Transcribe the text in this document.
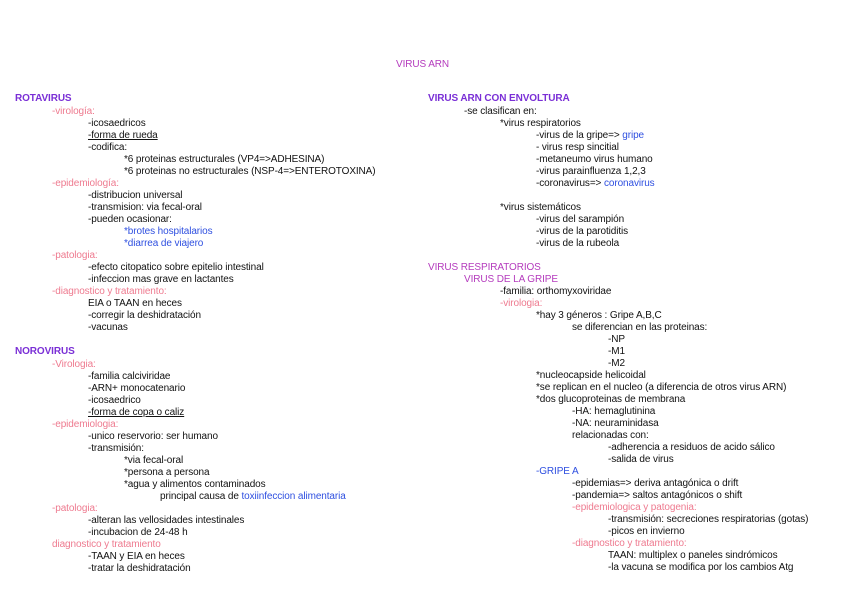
VIRUS ARN
ROTAVIRUS
-virología:
-icosaedricos
-forma de rueda
-codifica:
*6 proteinas estructurales (VP4=>ADHESINA)
*6 proteinas no estructurales (NSP-4=>ENTEROTOXINA)
-epidemiología:
-distribucion universal
-transmision: via fecal-oral
-pueden ocasionar:
*brotes hospitalarios
*diarrea de viajero
-patologia:
-efecto citopatico sobre epitelio intestinal
-infeccion mas grave en lactantes
-diagnostico y tratamiento:
EIA o TAAN en heces
-corregir la deshidratación
-vacunas
NOROVIRUS
-Virologia:
-familia calciviridae
-ARN+ monocatenario
-icosaedrico
-forma de copa o caliz
-epidemiologia:
-unico reservorio: ser humano
-transmisión:
*via fecal-oral
*persona a persona
*agua y alimentos contaminados
principal causa de toxiinfeccion alimentaria
-patologia:
-alteran las vellosidades intestinales
-incubacion de 24-48 h
diagnostico y tratamiento
-TAAN y EIA en heces
-tratar la deshidratación
VIRUS ARN CON ENVOLTURA
-se clasifican en:
*virus respiratorios
-virus de la gripe=> gripe
- virus resp sincitial
-metaneumo virus humano
-virus parainfluenza 1,2,3
-coronavirus=> coronavirus
*virus sistemáticos
-virus del sarampión
-virus de la parotiditis
-virus de la rubeola
VIRUS RESPIRATORIOS
VIRUS DE LA GRIPE
-familia: orthomyxoviridae
-virologia:
*hay 3 géneros : Gripe A,B,C
se diferencian en las proteinas:
-NP
-M1
-M2
*nucleocapside helicoidal
*se replican en el nucleo (a diferencia de otros virus ARN)
*dos glucoproteinas de membrana
-HA: hemaglutinina
-NA: neuraminidasa
relacionadas con:
-adherencia a residuos de acido sálico
-salida de virus
-GRIPE A
-epidemias=> deriva antagónica o drift
-pandemia=> saltos antagónicos o shift
-epidemiologica y patogenia:
-transmisión: secreciones respiratorias (gotas)
-picos en invierno
-diagnostico y tratamiento:
TAAN: multiplex o paneles sindrómicos
-la vacuna se modifica por los cambios Atg
